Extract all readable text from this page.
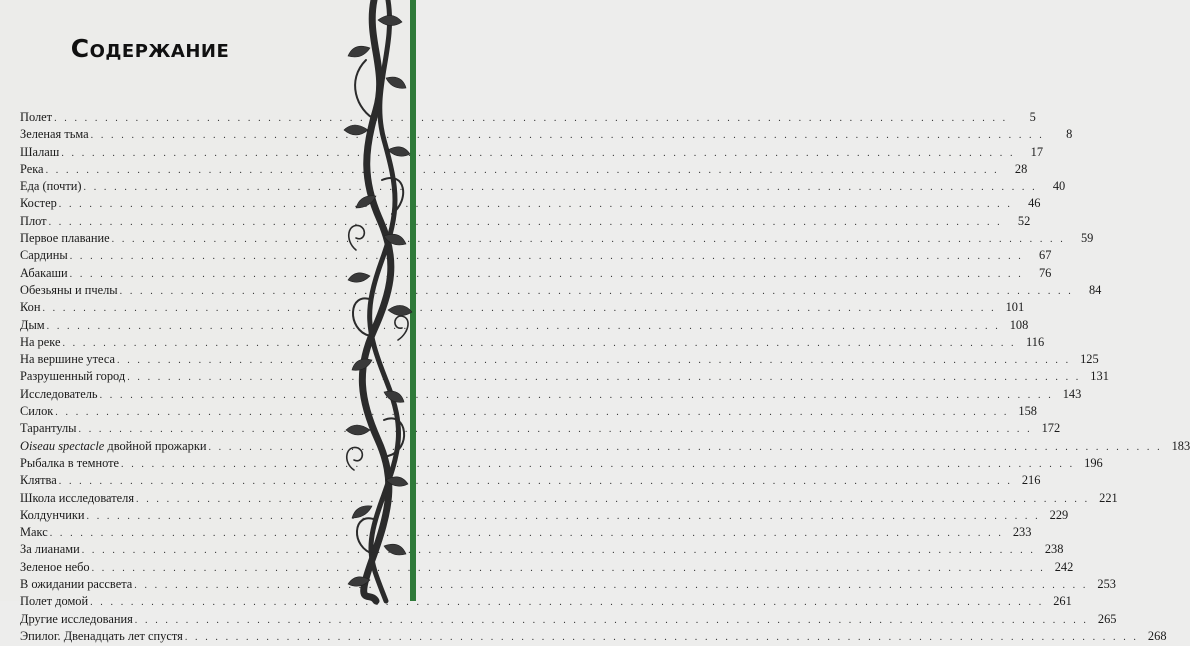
Содержание
Полет . . .	5
Зеленая тьма . . .	8
Шалаш . . .	17
Река . . .	28
Еда (почти) . . .	40
Костер . . .	46
Плот . . .	52
Первое плавание . . .	59
Сардины . . .	67
Абакаши . . .	76
Обезьяны и пчелы . . .	84
Кон . . .	101
Дым . . .	108
На реке . . .	116
На вершине утеса . . .	125
Разрушенный город . . .	131
Исследователь . . .	143
Силок . . .	158
Тарантулы . . .	172
Oiseau spectacle двойной прожарки . . .	183
Рыбалка в темноте . . .	196
Клятва . . .	216
Школа исследователя . . .	221
Колдунчики . . .	229
Макс . . .	233
За лианами . . .	238
Зеленое небо . . .	242
В ожидании рассвета . . .	253
Полет домой . . .	261
Другие исследования . . .	265
Эпилог. Двенадцать лет спустя . . .	268
